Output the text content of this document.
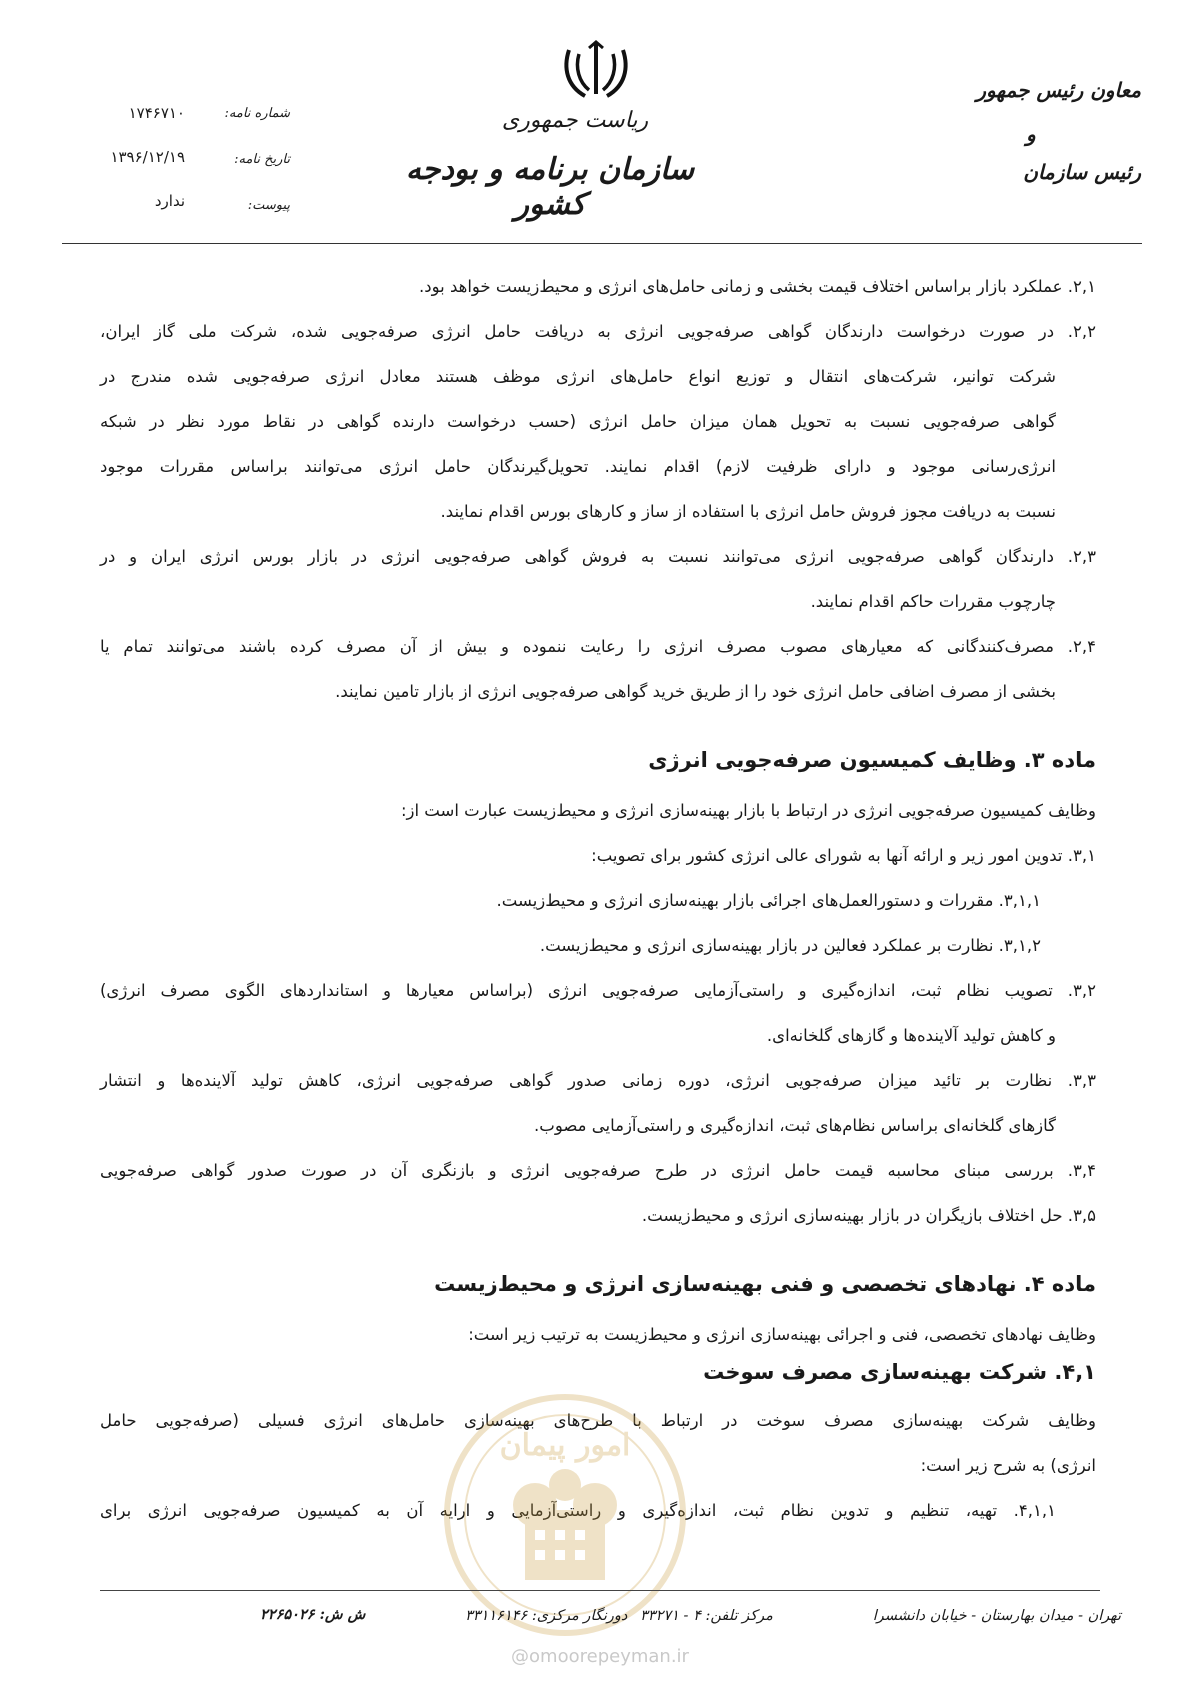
ریاست جمهوری
سازمان برنامه و بودجه کشور
معاون رئیس جمهور
و
رئیس سازمان
شماره نامه:
۱۷۴۶۷۱۰
تاریخ نامه:
۱۳۹۶/۱۲/۱۹
پیوست:
ندارد
۲,۱. عملکرد بازار براساس اختلاف قیمت بخشی و زمانی حامل‌های انرژی و محیط‌زیست خواهد بود.
۲,۲. در صورت درخواست دارندگان گواهی صرفه‌جویی انرژی به دریافت حامل انرژی صرفه‌جویی شده، شرکت ملی گاز ایران،
شرکت توانیر، شرکت‌های انتقال و توزیع انواع حامل‌های انرژی موظف هستند معادل انرژی صرفه‌جویی شده مندرج در
گواهی صرفه‌جویی نسبت به تحویل همان میزان حامل انرژی (حسب درخواست دارنده گواهی در نقاط مورد نظر در شبکه
انرژی‌رسانی موجود و دارای ظرفیت لازم) اقدام نمایند. تحویل‌گیرندگان حامل انرژی می‌توانند براساس مقررات موجود
نسبت به دریافت مجوز فروش حامل انرژی با استفاده از ساز و کارهای بورس اقدام نمایند.
۲,۳. دارندگان گواهی صرفه‌جویی انرژی می‌توانند نسبت به فروش گواهی صرفه‌جویی انرژی در بازار بورس انرژی ایران و در
چارچوب مقررات حاکم اقدام نمایند.
۲,۴. مصرف‌کنندگانی که معیارهای مصوب مصرف انرژی را رعایت ننموده و بیش از آن مصرف کرده باشند می‌توانند تمام یا
بخشی از مصرف اضافی حامل انرژی خود را از طریق خرید گواهی صرفه‌جویی انرژی از بازار تامین نمایند.
ماده ۳. وظایف کمیسیون صرفه‌جویی انرژی
وظایف کمیسیون صرفه‌جویی انرژی در ارتباط با بازار بهینه‌سازی انرژی و محیط‌زیست عبارت است از:
۳,۱. تدوین امور زیر و ارائه آنها به شورای عالی انرژی کشور برای تصویب:
۳,۱,۱. مقررات و دستورالعمل‌های اجرائی بازار بهینه‌سازی انرژی و محیط‌زیست.
۳,۱,۲. نظارت بر عملکرد فعالین در بازار بهینه‌سازی انرژی و محیط‌زیست.
۳,۲. تصویب نظام ثبت، اندازه‌گیری و راستی‌آزمایی صرفه‌جویی انرژی (براساس معیارها و استانداردهای الگوی مصرف انرژی)
و کاهش تولید آلاینده‌ها و گازهای گلخانه‌ای.
۳,۳. نظارت بر تائید میزان صرفه‌جویی انرژی، دوره زمانی صدور گواهی صرفه‌جویی انرژی، کاهش تولید آلاینده‌ها و انتشار
گازهای گلخانه‌ای براساس نظام‌های ثبت، اندازه‌گیری و راستی‌آزمایی مصوب.
۳,۴. بررسی مبنای محاسبه قیمت حامل انرژی در طرح صرفه‌جویی انرژی و بازنگری آن در صورت صدور گواهی صرفه‌جویی
۳,۵. حل اختلاف بازیگران در بازار بهینه‌سازی انرژی و محیط‌زیست.
ماده ۴. نهادهای تخصصی و فنی بهینه‌سازی انرژی و محیط‌زیست
وظایف نهادهای تخصصی، فنی و اجرائی بهینه‌سازی انرژی و محیط‌زیست به ترتیب زیر است:
۴,۱. شرکت بهینه‌سازی مصرف سوخت
وظایف شرکت بهینه‌سازی مصرف سوخت در ارتباط با طرح‌های بهینه‌سازی حامل‌های انرژی فسیلی (صرفه‌جویی حامل
انرژی) به شرح زیر است:
۴,۱,۱. تهیه، تنظیم و تدوین نظام ثبت، اندازه‌گیری و راستی‌آزمایی و ارایه آن به کمیسیون صرفه‌جویی انرژی برای
امور پیمان
تهران - میدان بهارستان - خیابان دانشسرا
مرکز تلفن: ۴ - ۳۳۲۷۱
دورنگار مرکزی: ۳۳۱۱۶۱۴۶
ش ش: ۲۲۶۵۰۲۶
@omoorepeyman.ir
